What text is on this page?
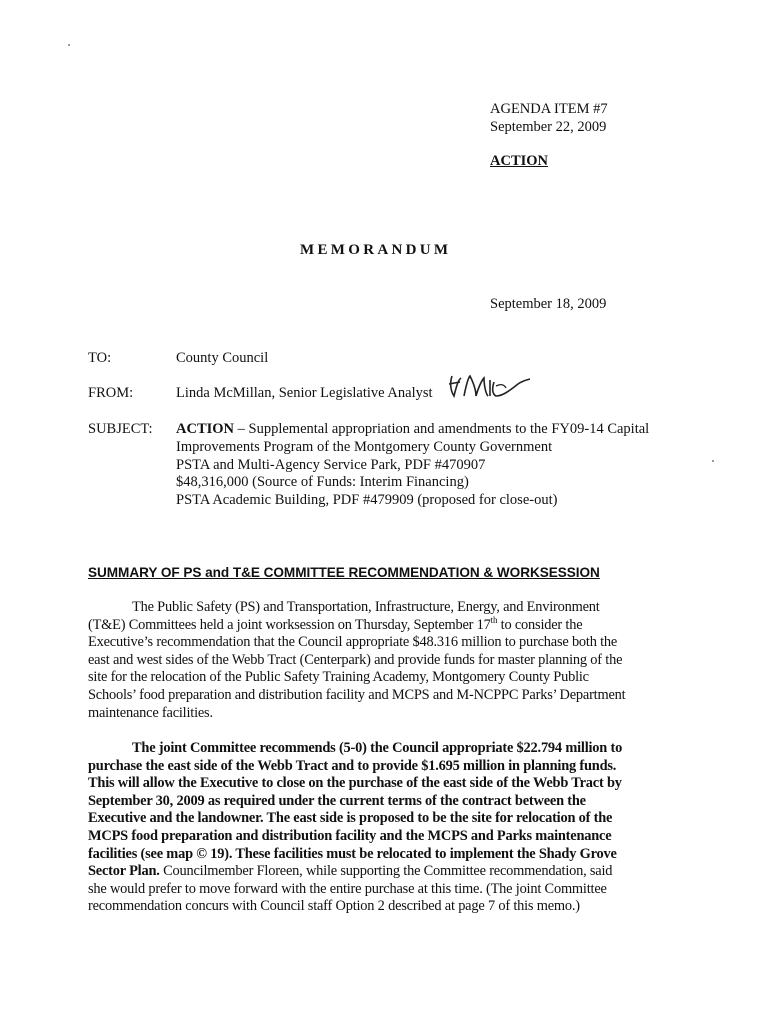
AGENDA ITEM #7
September 22, 2009
ACTION
MEMORANDUM
September 18, 2009
TO:	County Council
FROM:	Linda McMillan, Senior Legislative Analyst
SUBJECT: ACTION – Supplemental appropriation and amendments to the FY09-14 Capital
Improvements Program of the Montgomery County Government
PSTA and Multi-Agency Service Park, PDF #470907
$48,316,000 (Source of Funds: Interim Financing)
PSTA Academic Building, PDF #479909 (proposed for close-out)
SUMMARY OF PS and T&E COMMITTEE RECOMMENDATION & WORKSESSION
The Public Safety (PS) and Transportation, Infrastructure, Energy, and Environment
(T&E) Committees held a joint worksession on Thursday, September 17th to consider the
Executive’s recommendation that the Council appropriate $48.316 million to purchase both the
east and west sides of the Webb Tract (Centerpark) and provide funds for master planning of the
site for the relocation of the Public Safety Training Academy, Montgomery County Public
Schools’ food preparation and distribution facility and MCPS and M-NCPPC Parks’ Department
maintenance facilities.
The joint Committee recommends (5-0) the Council appropriate $22.794 million to
purchase the east side of the Webb Tract and to provide $1.695 million in planning funds.
This will allow the Executive to close on the purchase of the east side of the Webb Tract by
September 30, 2009 as required under the current terms of the contract between the
Executive and the landowner. The east side is proposed to be the site for relocation of the
MCPS food preparation and distribution facility and the MCPS and Parks maintenance
facilities (see map © 19). These facilities must be relocated to implement the Shady Grove
Sector Plan. Councilmember Floreen, while supporting the Committee recommendation, said
she would prefer to move forward with the entire purchase at this time. (The joint Committee
recommendation concurs with Council staff Option 2 described at page 7 of this memo.)
